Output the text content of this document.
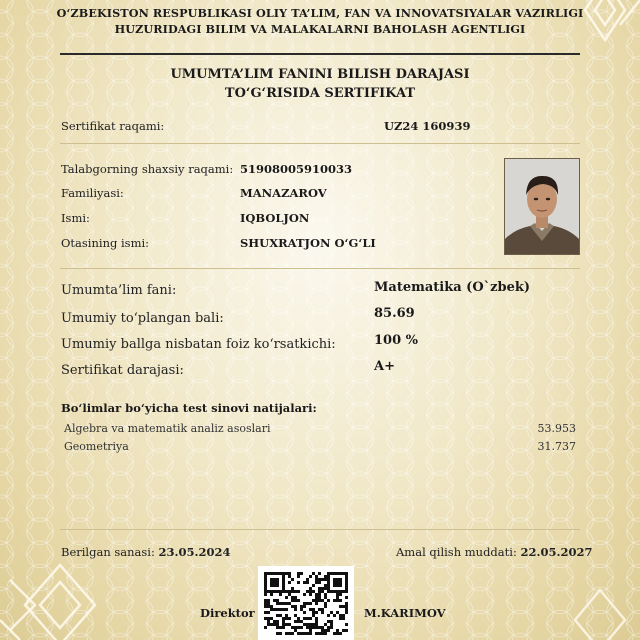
O‘ZBEKISTON RESPUBLIKASI OLIY TA’LIM, FAN VA INNOVATSIYALAR VAZIRLIGI
HUZURIDAGI BILIM VA MALAKALARNI BAHOLASH AGENTLIGI
UMUMTA’LIM FANINI BILISH DARAJASI
TO‘G‘RISIDA SERTIFIKAT
Sertifikat raqami:	UZ24 160939
Talabgorning shaxsiy raqami: 51908005910033
Familiyasi:	MANAZAROV
Ismi:	IQBOLJON
Otasining ismi:	SHUXRATJON O‘G‘LI
Umumta’lim fani:	Matematika (O`zbek)
Umumiy to‘plangan bali:	85.69
Umumiy ballga nisbatan foiz ko‘rsatkichi:	100 %
Sertifikat darajasi:	A+
Bo‘limlar bo‘yicha test sinovi natijalari:
Algebra va matematik analiz asoslari	53.953
Geometriya	31.737
Berilgan sanasi: 23.05.2024	Amal qilish muddati: 22.05.2027
Direktor	M.KARIMOV
